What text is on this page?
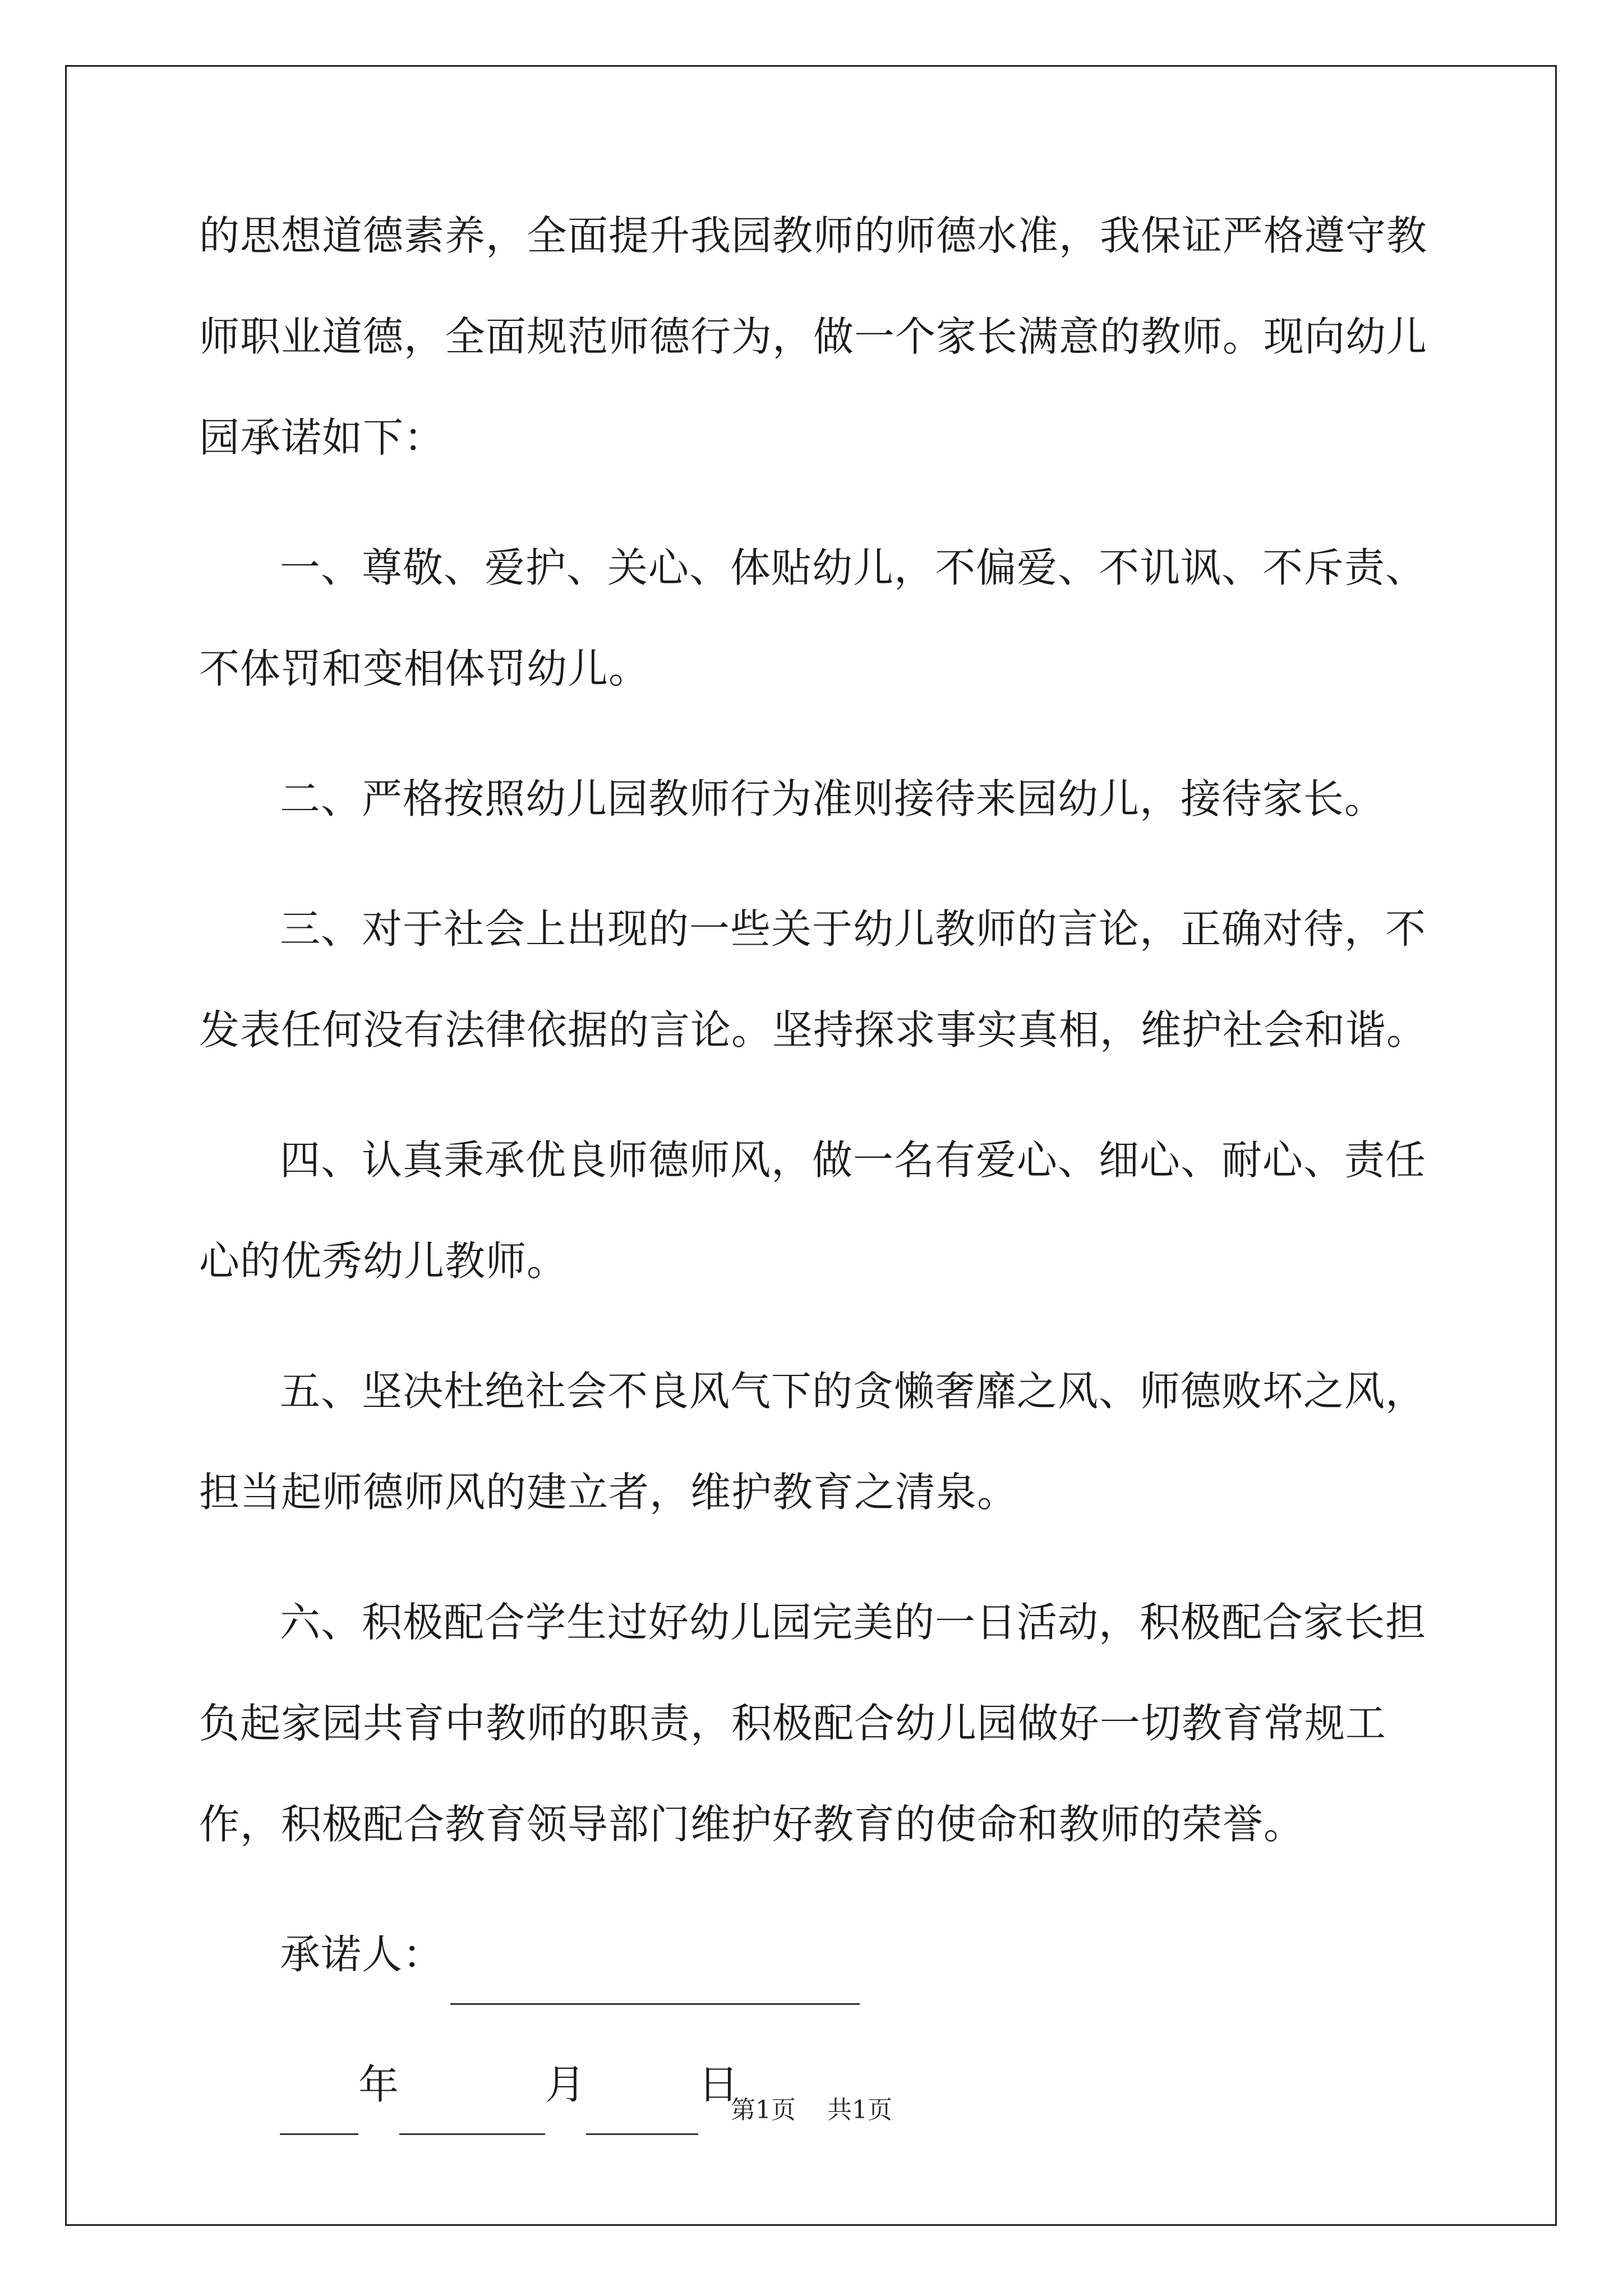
的思想道德素养，全面提升我园教师的师德水准，我保证严格遵守教师职业道德，全面规范师德行为，做一个家长满意的教师。现向幼儿园承诺如下：

一、尊敬、爱护、关心、体贴幼儿，不偏爱、不讥讽、不斥责、不体罚和变相体罚幼儿。

二、严格按照幼儿园教师行为准则接待来园幼儿，接待家长。

三、对于社会上出现的一些关于幼儿教师的言论，正确对待，不发表任何没有法律依据的言论。坚持探求事实真相，维护社会和谐。

四、认真秉承优良师德师风，做一名有爱心、细心、耐心、责任心的优秀幼儿教师。

五、坚决杜绝社会不良风气下的贪懒奢靡之风、师德败坏之风，担当起师德师风的建立者，维护教育之清泉。

六、积极配合学生过好幼儿园完美的一日活动，积极配合家长担负起家园共育中教师的职责，积极配合幼儿园做好一切教育常规工作，积极配合教育领导部门维护好教育的使命和教师的荣誉。

承诺人：
年	月	日
第1页 共1页
